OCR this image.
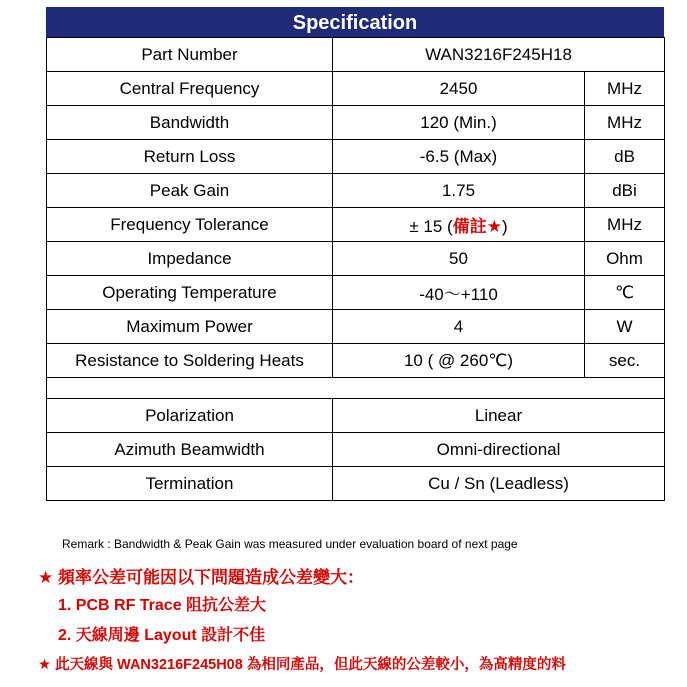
Specification
Part Number	WAN3216F245H18	
Central Frequency	2450	MHz
Bandwidth	120 (Min.)	MHz
Return Loss	-6.5 (Max)	dB
Peak Gain	1.75	dBi
Frequency Tolerance	± 15 (備註★)	MHz
Impedance	50	Ohm
Operating Temperature	-40～+110	℃
Maximum Power	4	W
Resistance to Soldering Heats	10 ( @ 260℃)	sec.

Polarization	Linear	
Azimuth Beamwidth	Omni-directional	
Termination	Cu / Sn (Leadless)	
Remark : Bandwidth & Peak Gain was measured under evaluation board of next page
★ 頻率公差可能因以下問題造成公差變大：
1. PCB RF Trace 阻抗公差大
2. 天線周邊 Layout 設計不佳
★ 此天線與 WAN3216F245H08 為相同產品，但此天線的公差較小，為高精度的料
